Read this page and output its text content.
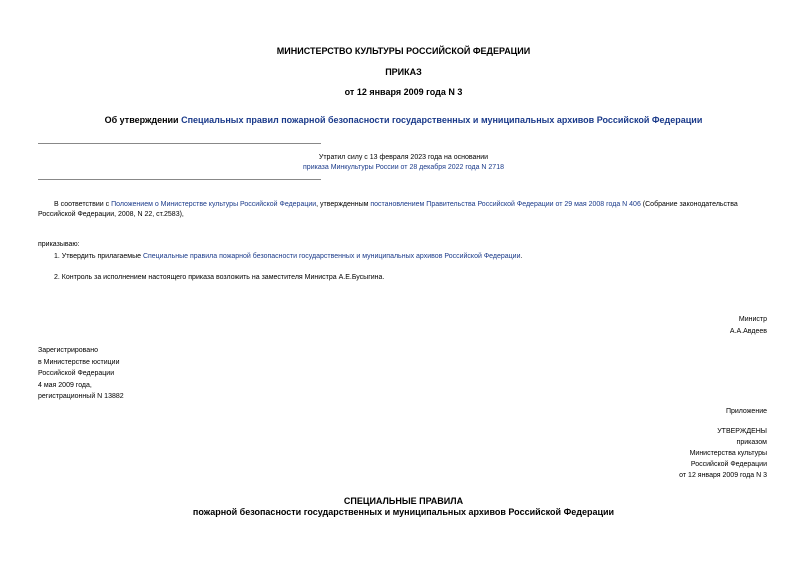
МИНИСТЕРСТВО КУЛЬТУРЫ РОССИЙСКОЙ ФЕДЕРАЦИИ
ПРИКАЗ
от 12 января 2009 года N 3
Об утверждении Специальных правил пожарной безопасности государственных и муниципальных архивов Российской Федерации
Утратил силу с 13 февраля 2023 года на основании
приказа Минкультуры России от 28 декабря 2022 года N 2718
В соответствии с Положением о Министерстве культуры Российской Федерации, утвержденным постановлением Правительства Российской Федерации от 29 мая 2008 года N 406 (Собрание законодательства Российской Федерации, 2008, N 22, ст.2583),
приказываю:
1. Утвердить прилагаемые Специальные правила пожарной безопасности государственных и муниципальных архивов Российской Федерации.
2. Контроль за исполнением настоящего приказа возложить на заместителя Министра А.Е.Бусыгина.
Министр
А.А.Авдеев
Зарегистрировано
в Министерстве юстиции
Российской Федерации
4 мая 2009 года,
регистрационный N 13882
Приложение
УТВЕРЖДЕНЫ
приказом
Министерства культуры
Российской Федерации
от 12 января 2009 года N 3
СПЕЦИАЛЬНЫЕ ПРАВИЛА
пожарной безопасности государственных и муниципальных архивов Российской Федерации
